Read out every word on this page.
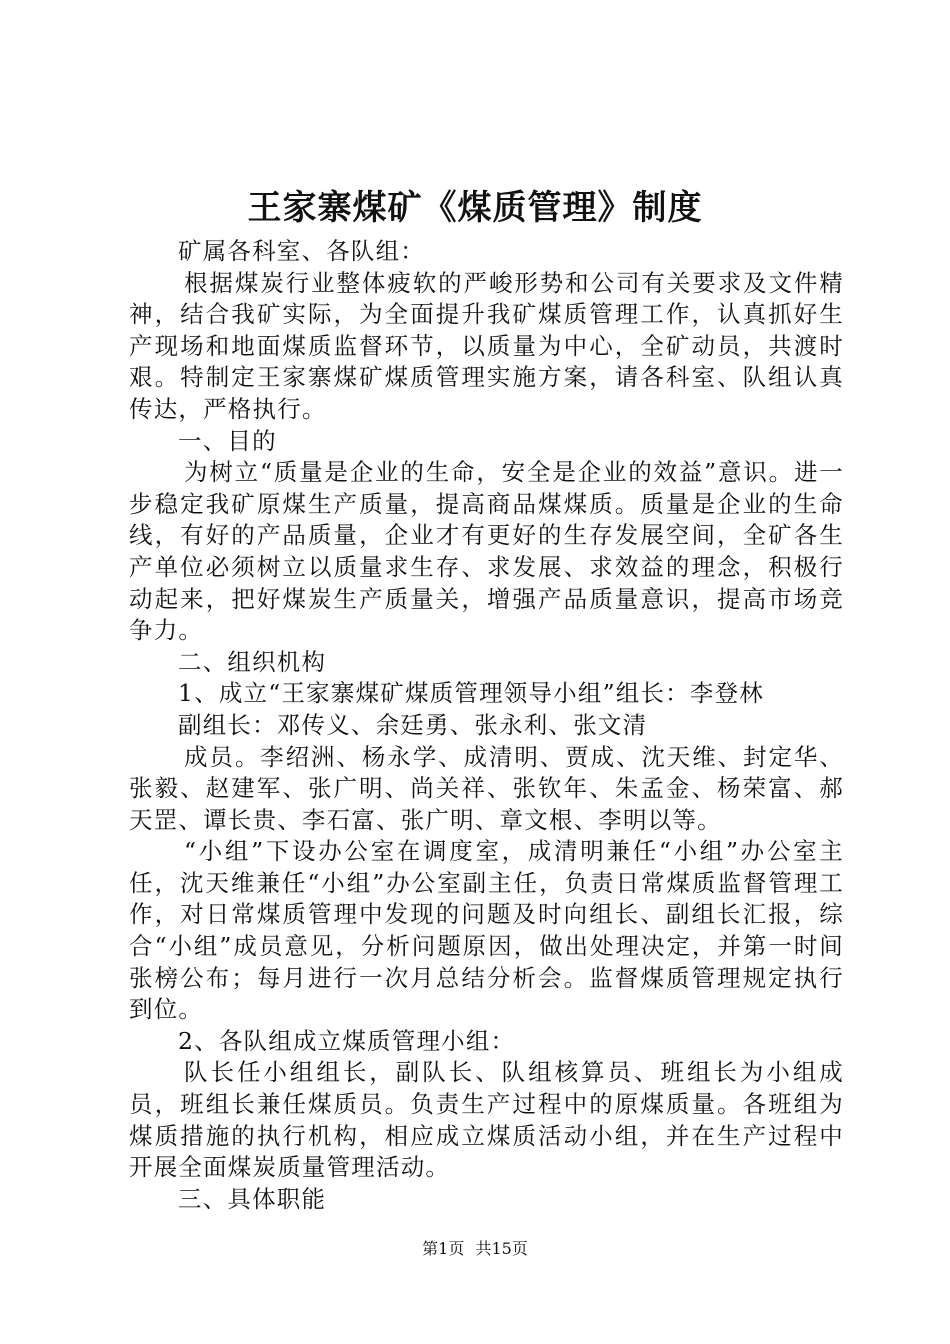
王家寨煤矿《煤质管理》制度

矿属各科室、各队组：

根据煤炭行业整体疲软的严峻形势和公司有关要求及文件精神，结合我矿实际，为全面提升我矿煤质管理工作，认真抓好生产现场和地面煤质监督环节，以质量为中心，全矿动员，共渡时艰。特制定王家寨煤矿煤质管理实施方案，请各科室、队组认真传达，严格执行。

一、目的

为树立“质量是企业的生命，安全是企业的效益”意识。进一步稳定我矿原煤生产质量，提高商品煤煤质。质量是企业的生命线，有好的产品质量，企业才有更好的生存发展空间，全矿各生产单位必须树立以质量求生存、求发展、求效益的理念，积极行动起来，把好煤炭生产质量关，增强产品质量意识，提高市场竞争力。

二、组织机构

1、成立“王家寨煤矿煤质管理领导小组”组长：李登林

副组长：邓传义、余廷勇、张永利、张文清

成员。李绍洲、杨永学、成清明、贾成、沈天维、封定华、张毅、赵建军、张广明、尚关祥、张钦年、朱孟金、杨荣富、郝天罡、谭长贵、李石富、张广明、章文根、李明以等。

“小组”下设办公室在调度室，成清明兼任“小组”办公室主任，沈天维兼任“小组”办公室副主任，负责日常煤质监督管理工作，对日常煤质管理中发现的问题及时向组长、副组长汇报，综合“小组”成员意见，分析问题原因，做出处理决定，并第一时间张榜公布；每月进行一次月总结分析会。监督煤质管理规定执行到位。

2、各队组成立煤质管理小组：

队长任小组组长，副队长、队组核算员、班组长为小组成员，班组长兼任煤质员。负责生产过程中的原煤质量。各班组为煤质措施的执行机构，相应成立煤质活动小组，并在生产过程中开展全面煤炭质量管理活动。

三、具体职能

第1页 共15页
